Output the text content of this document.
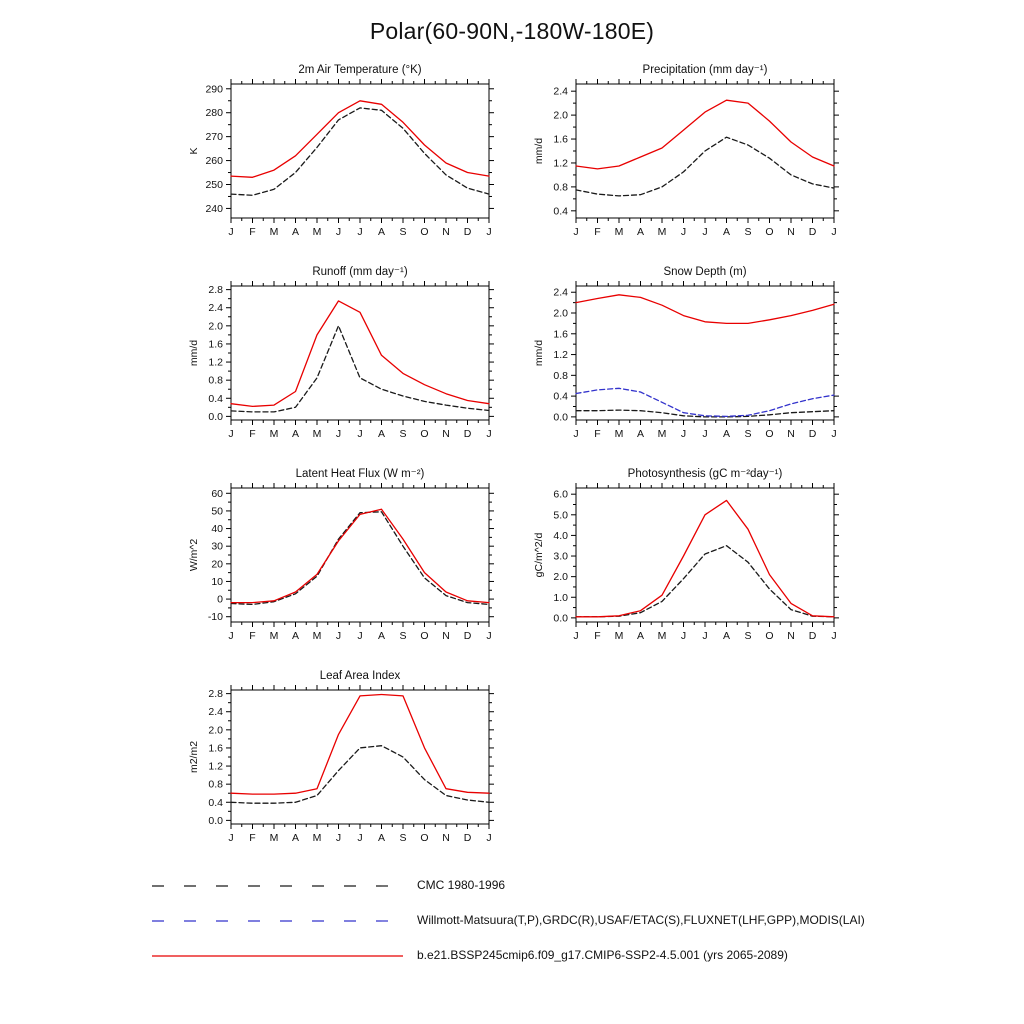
Polar(60-90N,-180W-180E)
2m Air Temperature (°K)
K
240
250
260
270
280
290
J F M A M J J A S O N D J
Precipitation (mm day⁻¹)
mm/d
0.4
0.8
1.2
1.6
2.0
2.4
J F M A M J J A S O N D J
Runoff (mm day⁻¹)
mm/d
0.0
0.4
0.8
1.2
1.6
2.0
2.4
2.8
J F M A M J J A S O N D J
Snow Depth (m)
mm/d
0.0
0.4
0.8
1.2
1.6
2.0
2.4
J F M A M J J A S O N D J
Latent Heat Flux (W m⁻²)
W/m^2
-10
0
10
20
30
40
50
60
J F M A M J J A S O N D J
Photosynthesis (gC m⁻²day⁻¹)
gC/m^2/d
0.0
1.0
2.0
3.0
4.0
5.0
6.0
J F M A M J J A S O N D J
Leaf Area Index
m2/m2
0.0
0.4
0.8
1.2
1.6
2.0
2.4
2.8
J F M A M J J A S O N D J
CMC 1980-1996
Willmott-Matsuura(T,P),GRDC(R),USAF/ETAC(S),FLUXNET(LHF,GPP),MODIS(LAI)
b.e21.BSSP245cmip6.f09_g17.CMIP6-SSP2-4.5.001 (yrs 2065-2089)
